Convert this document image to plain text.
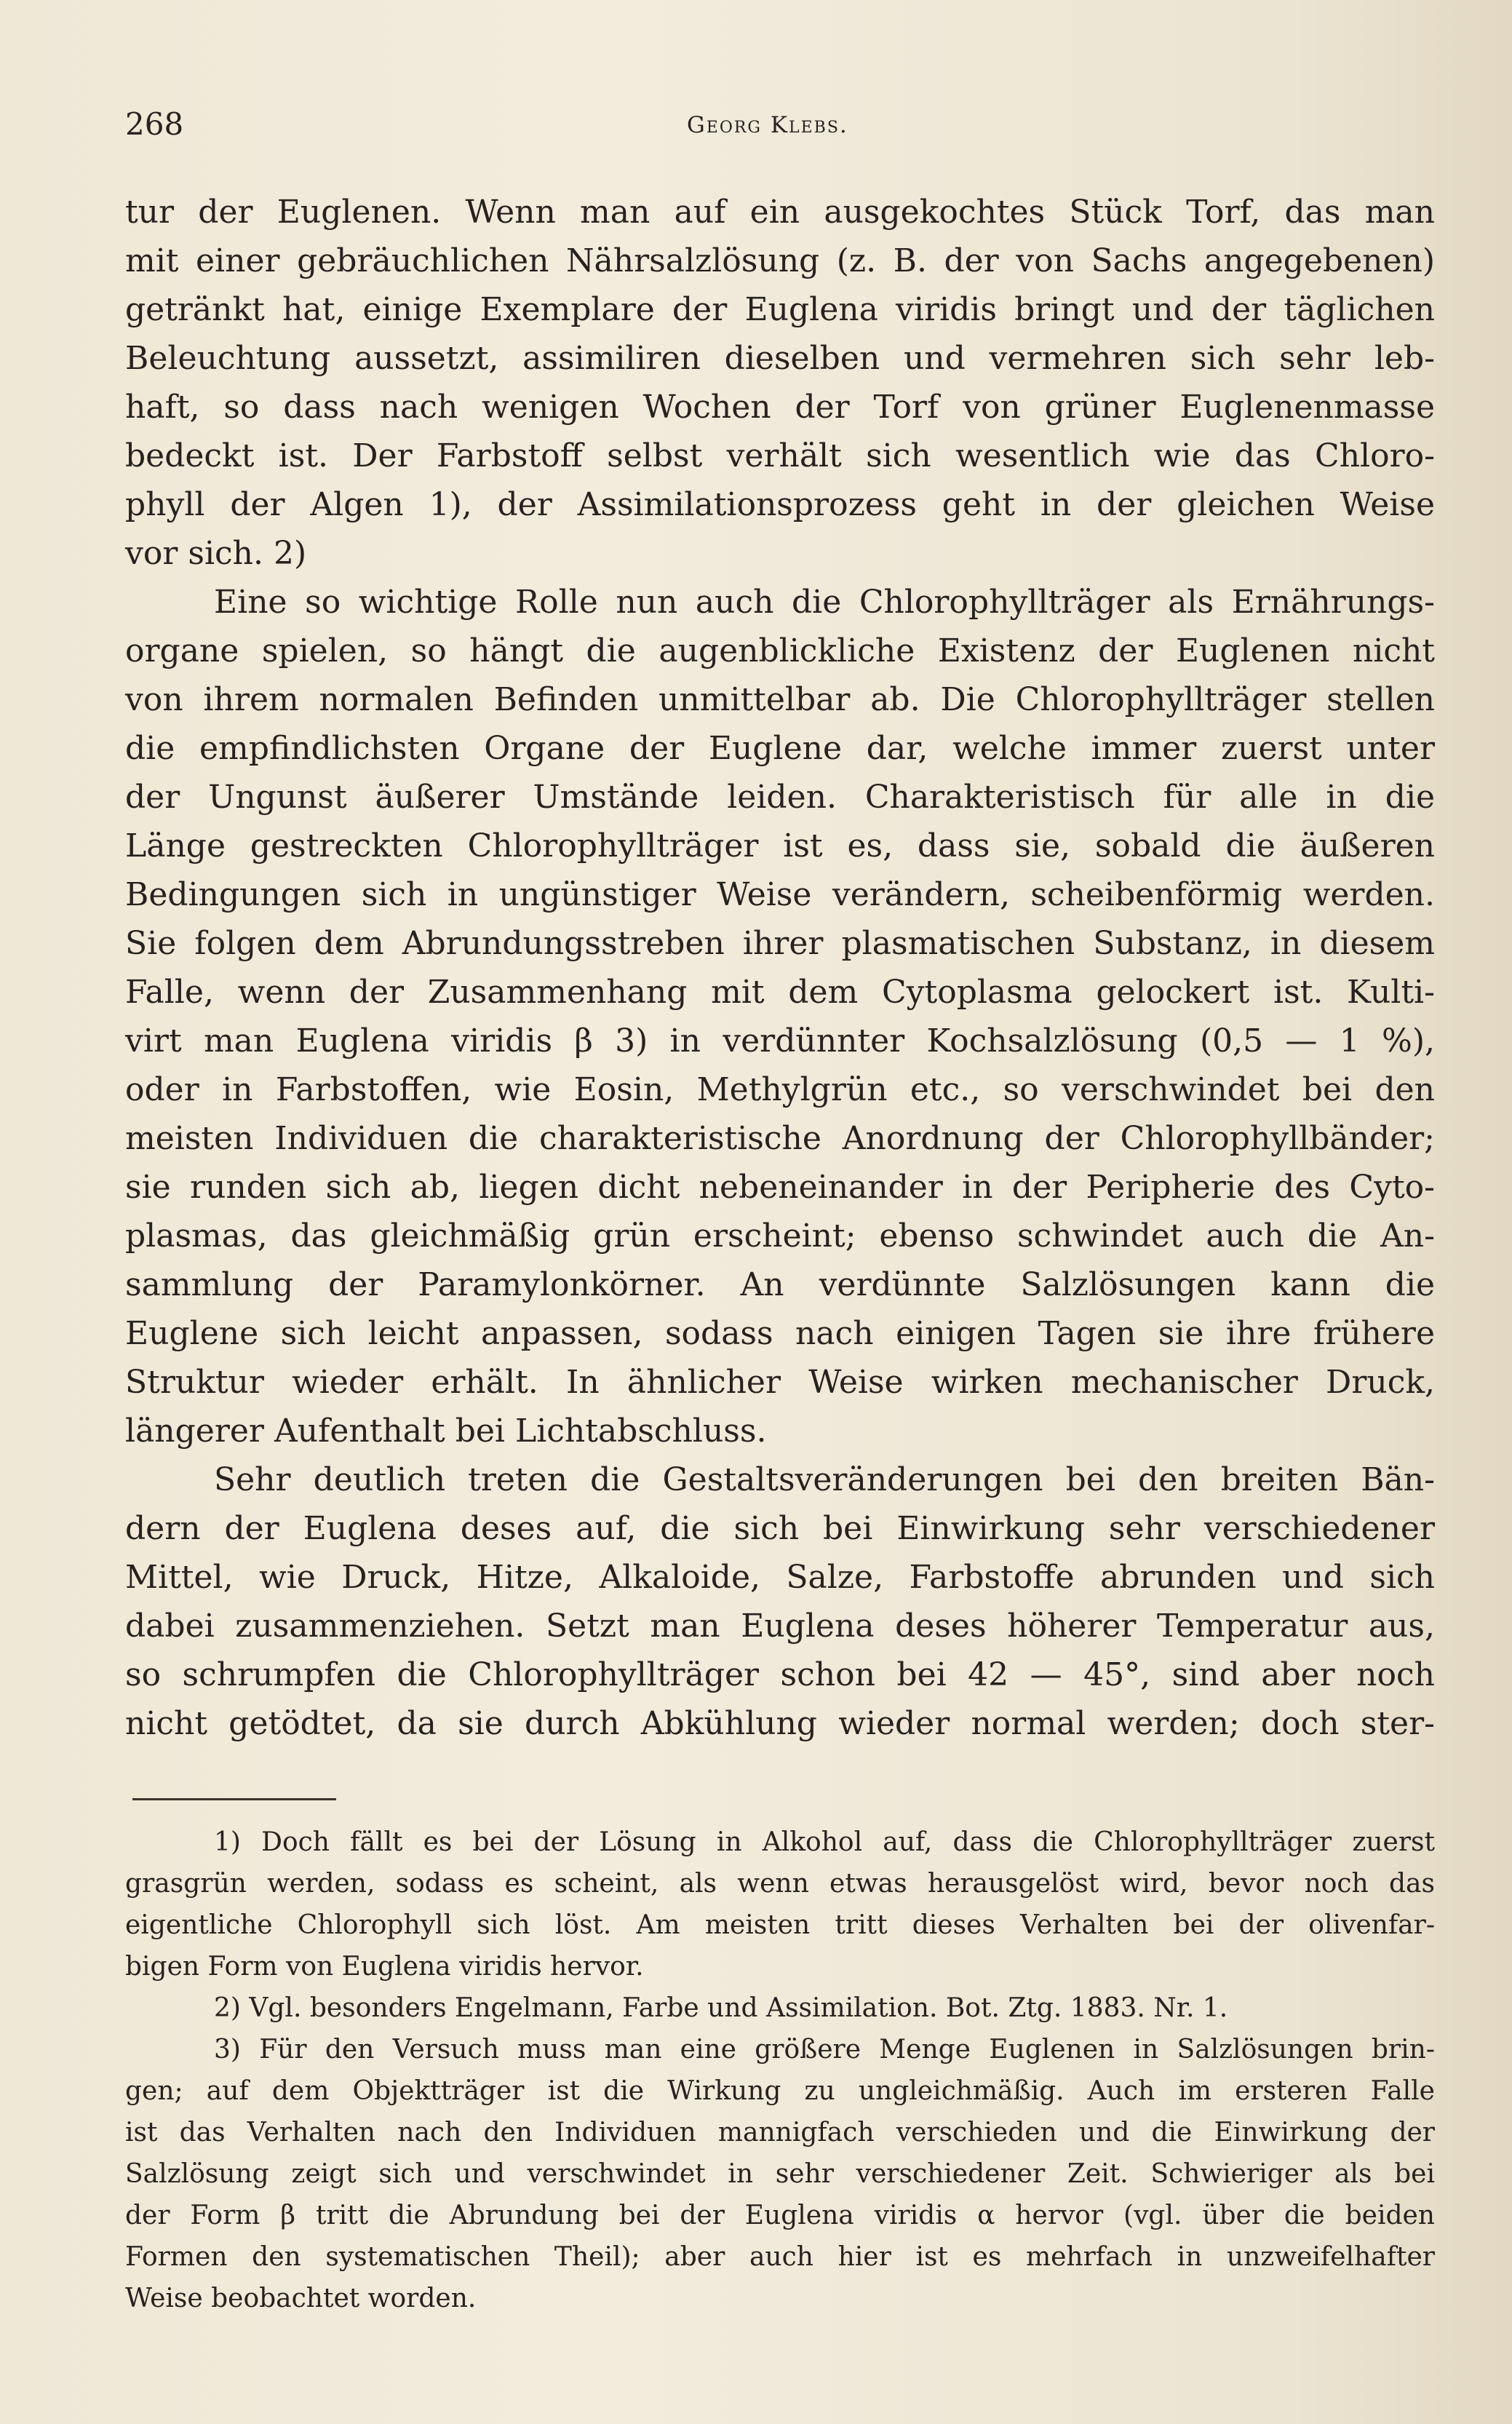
268	Georg Klebs.
tur der Euglenen. Wenn man auf ein ausgekochtes Stück Torf, das man
mit einer gebräuchlichen Nährsalzlösung (z. B. der von Sachs angegebenen)
getränkt hat, einige Exemplare der Euglena viridis bringt und der täglichen
Beleuchtung aussetzt, assimiliren dieselben und vermehren sich sehr leb-
haft, so dass nach wenigen Wochen der Torf von grüner Euglenenmasse
bedeckt ist. Der Farbstoff selbst verhält sich wesentlich wie das Chloro-
phyll der Algen 1), der Assimilationsprozess geht in der gleichen Weise
vor sich. 2)
Eine so wichtige Rolle nun auch die Chlorophyllträger als Ernährungs-
organe spielen, so hängt die augenblickliche Existenz der Euglenen nicht
von ihrem normalen Befinden unmittelbar ab. Die Chlorophyllträger stellen
die empfindlichsten Organe der Euglene dar, welche immer zuerst unter
der Ungunst äußerer Umstände leiden. Charakteristisch für alle in die
Länge gestreckten Chlorophyllträger ist es, dass sie, sobald die äußeren
Bedingungen sich in ungünstiger Weise verändern, scheibenförmig werden.
Sie folgen dem Abrundungsstreben ihrer plasmatischen Substanz, in diesem
Falle, wenn der Zusammenhang mit dem Cytoplasma gelockert ist. Kulti-
virt man Euglena viridis β 3) in verdünnter Kochsalzlösung (0,5 — 1 %),
oder in Farbstoffen, wie Eosin, Methylgrün etc., so verschwindet bei den
meisten Individuen die charakteristische Anordnung der Chlorophyllbänder;
sie runden sich ab, liegen dicht nebeneinander in der Peripherie des Cyto-
plasmas, das gleichmäßig grün erscheint; ebenso schwindet auch die An-
sammlung der Paramylonkörner. An verdünnte Salzlösungen kann die
Euglene sich leicht anpassen, sodass nach einigen Tagen sie ihre frühere
Struktur wieder erhält. In ähnlicher Weise wirken mechanischer Druck,
längerer Aufenthalt bei Lichtabschluss.
Sehr deutlich treten die Gestaltsveränderungen bei den breiten Bän-
dern der Euglena deses auf, die sich bei Einwirkung sehr verschiedener
Mittel, wie Druck, Hitze, Alkaloide, Salze, Farbstoffe abrunden und sich
dabei zusammenziehen. Setzt man Euglena deses höherer Temperatur aus,
so schrumpfen die Chlorophyllträger schon bei 42 — 45°, sind aber noch
nicht getödtet, da sie durch Abkühlung wieder normal werden; doch ster-
1) Doch fällt es bei der Lösung in Alkohol auf, dass die Chlorophyllträger zuerst
grasgrün werden, sodass es scheint, als wenn etwas herausgelöst wird, bevor noch das
eigentliche Chlorophyll sich löst. Am meisten tritt dieses Verhalten bei der olivenfar-
bigen Form von Euglena viridis hervor.
2) Vgl. besonders Engelmann, Farbe und Assimilation. Bot. Ztg. 1883. Nr. 1.
3) Für den Versuch muss man eine größere Menge Euglenen in Salzlösungen brin-
gen; auf dem Objektträger ist die Wirkung zu ungleichmäßig. Auch im ersteren Falle
ist das Verhalten nach den Individuen mannigfach verschieden und die Einwirkung der
Salzlösung zeigt sich und verschwindet in sehr verschiedener Zeit. Schwieriger als bei
der Form β tritt die Abrundung bei der Euglena viridis α hervor (vgl. über die beiden
Formen den systematischen Theil); aber auch hier ist es mehrfach in unzweifelhafter
Weise beobachtet worden.
